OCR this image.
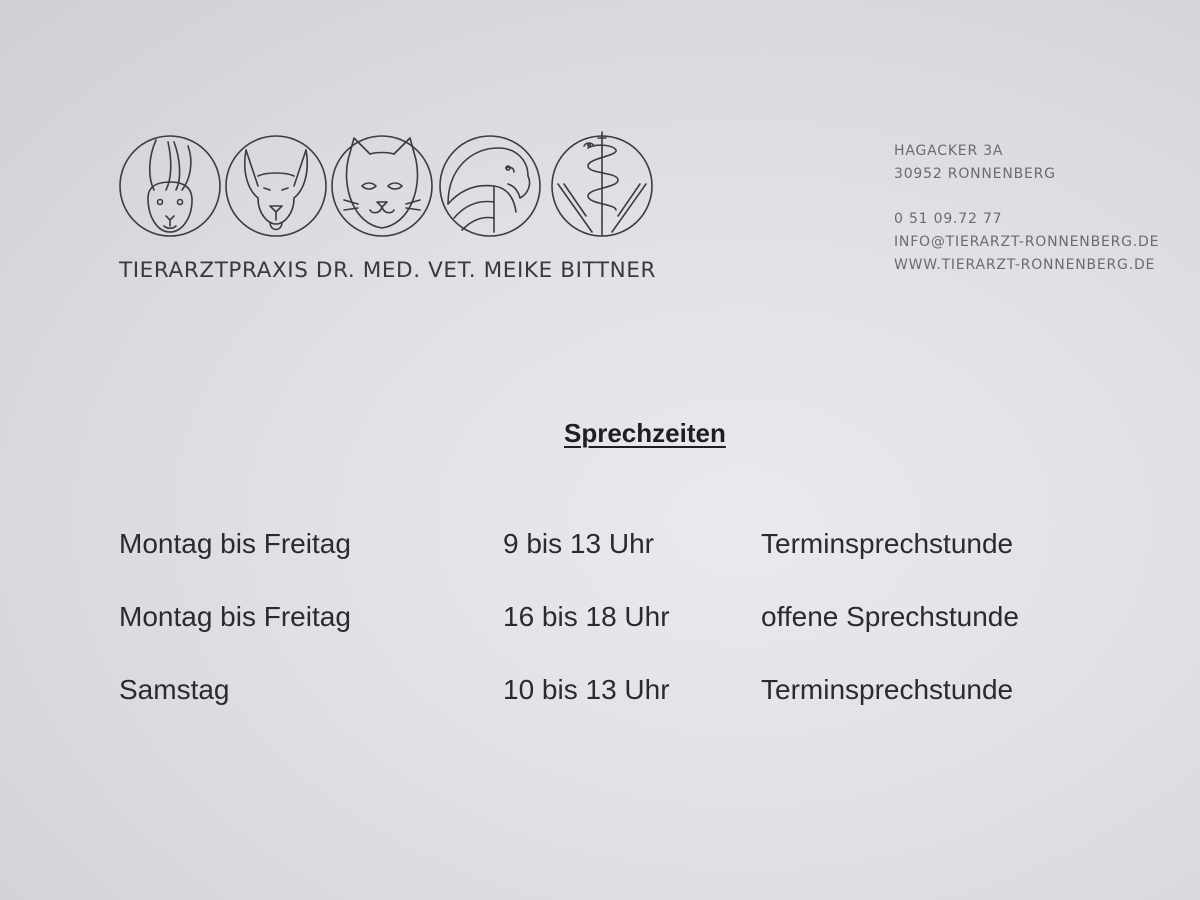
TIERARZTPRAXIS DR. MED. VET. MEIKE BITTNER
HAGACKER 3A
30952 RONNENBERG
0 51 09.72 77
INFO@TIERARZT-RONNENBERG.DE
WWW.TIERARZT-RONNENBERG.DE
Sprechzeiten
Montag bis Freitag	9 bis 13 Uhr	Terminsprechstunde
Montag bis Freitag	16 bis 18 Uhr	offene Sprechstunde
Samstag	10 bis 13 Uhr	Terminsprechstunde
